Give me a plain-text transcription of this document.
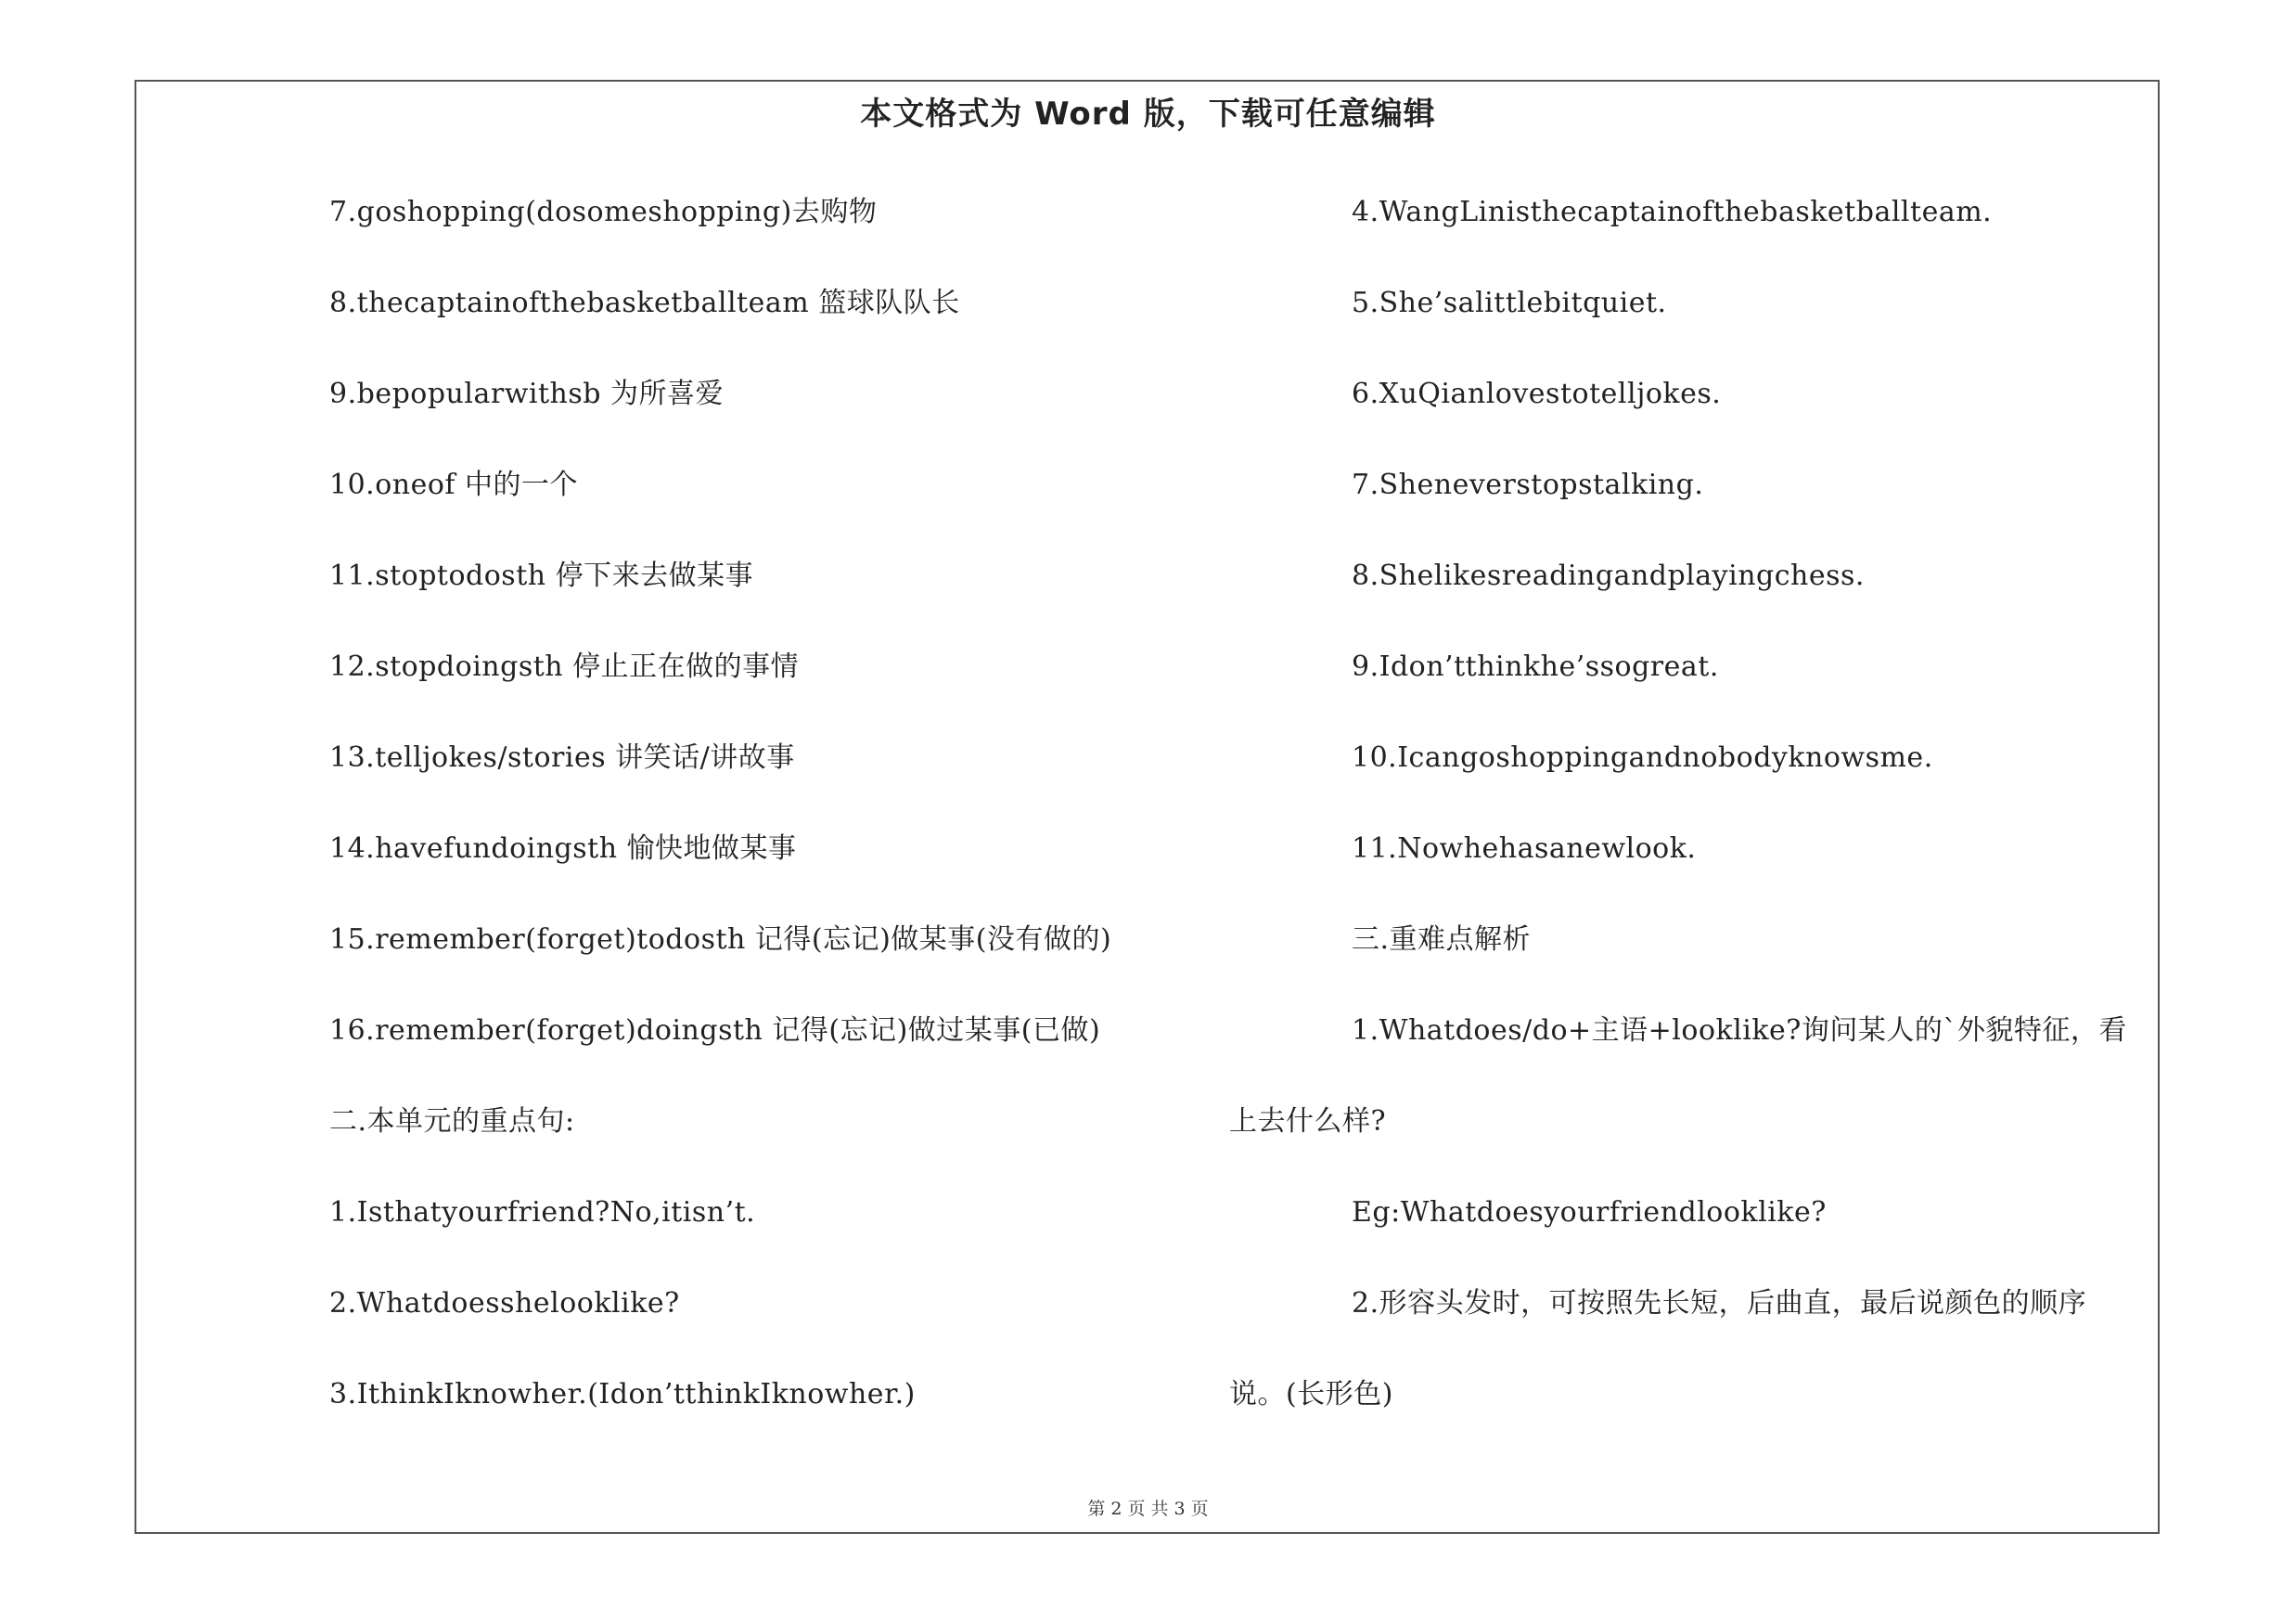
本文格式为 Word 版，下载可任意编辑
7.goshopping(dosomeshopping)去购物
8.thecaptainofthebasketballteam 篮球队队长
9.bepopularwithsb 为所喜爱
10.oneof 中的一个
11.stoptodosth 停下来去做某事
12.stopdoingsth 停止正在做的事情
13.telljokes/stories 讲笑话/讲故事
14.havefundoingsth 愉快地做某事
15.remember(forget)todosth 记得(忘记)做某事(没有做的)
16.remember(forget)doingsth 记得(忘记)做过某事(已做)
二.本单元的重点句:
1.Isthatyourfriend?No,itisn’t.
2.Whatdoesshelooklike?
3.IthinkIknowher.(Idon’tthinkIknowher.)
4.WangLinisthecaptainofthebasketballteam.
5.She’salittlebitquiet.
6.XuQianlovestotelljokes.
7.Sheneverstopstalking.
8.Shelikesreadingandplayingchess.
9.Idon’tthinkhe’ssogreat.
10.Icangoshoppingandnobodyknowsme.
11.Nowhehasanewlook.
三.重难点解析
1.Whatdoes/do+主语+looklike?询问某人的`外貌特征，看
上去什么样?
Eg:Whatdoesyourfriendlooklike?
2.形容头发时，可按照先长短，后曲直，最后说颜色的顺序
说。(长形色)
第 2 页 共 3 页
